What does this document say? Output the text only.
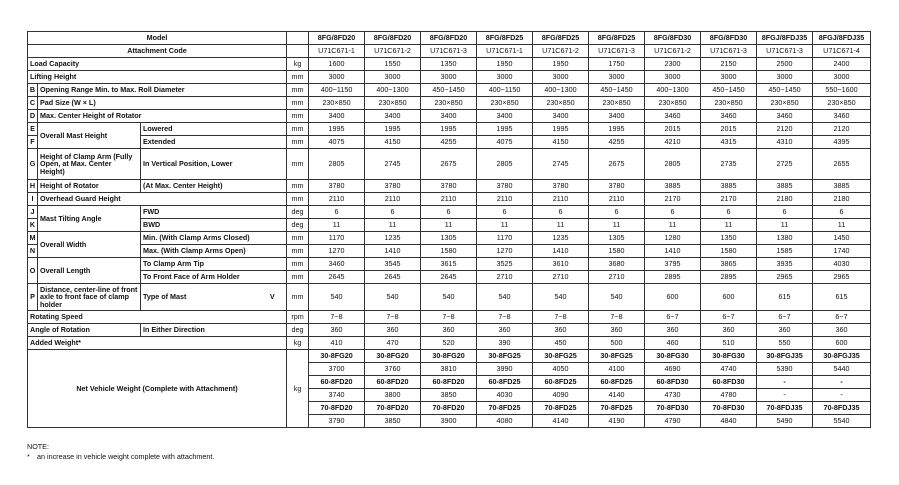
Model					8FG/8FD20	8FG/8FD20	8FG/8FD20	8FG/8FD25	8FG/8FD25	8FG/8FD25	8FG/8FD30	8FG/8FD30	8FGJ/8FDJ35	8FGJ/8FDJ35
Attachment Code					U71C671-1	U71C671-2	U71C671-3	U71C671-1	U71C671-2	U71C671-3	U71C671-2	U71C671-3	U71C671-3	U71C671-4
Load Capacity				kg	1600	1550	1350	1950	1950	1750	2300	2150	2500	2400
Lifting Height				mm	3000	3000	3000	3000	3000	3000	3000	3000	3000	3000
B	Opening Range Min. to Max. Roll Diameter			mm	400~1150	400~1300	450~1450	400~1150	400~1300	450~1450	400~1300	450~1450	450~1450	550~1600
C	Pad Size (W × L)			mm	230×850	230×850	230×850	230×850	230×850	230×850	230×850	230×850	230×850	230×850
D	Max. Center Height of Rotator			mm	3400	3400	3400	3400	3400	3400	3460	3460	3460	3460
E	Overall Mast Height	Lowered		mm	1995	1995	1995	1995	1995	1995	2015	2015	2120	2120
F		Extended		mm	4075	4150	4255	4075	4150	4255	4210	4315	4310	4395
G	Height of Clamp Arm (Fully Open, at Max. Center Height)	In Vertical Position, Lower		mm	2805	2745	2675	2805	2745	2675	2805	2735	2725	2655
H	Height of Rotator	(At Max. Center Height)		mm	3780	3780	3780	3780	3780	3780	3885	3885	3885	3885
I	Overhead Guard Height			mm	2110	2110	2110	2110	2110	2110	2170	2170	2180	2180
J	Mast Tilting Angle	FWD		deg	6	6	6	6	6	6	6	6	6	6
K		BWD		deg	11	11	11	11	11	11	11	11	11	11
M	Overall Width	Min. (With Clamp Arms Closed)		mm	1170	1235	1305	1170	1235	1305	1280	1350	1380	1450
N		Max. (With Clamp Arms Open)		mm	1270	1410	1580	1270	1410	1580	1410	1580	1585	1740
O	Overall Length	To Clamp Arm Tip		mm	3460	3545	3615	3525	3610	3680	3795	3865	3935	4030
		To Front Face of Arm Holder		mm	2645	2645	2645	2710	2710	2710	2895	2895	2965	2965
P	Distance, center-line of front axle to front face of clamp holder	Type of Mast	V	mm	540	540	540	540	540	540	600	600	615	615
Rotating Speed				rpm	7~8	7~8	7~8	7~8	7~8	7~8	6~7	6~7	6~7	6~7
Angle of Rotation		In Either Direction		deg	360	360	360	360	360	360	360	360	360	360
Added Weight*				kg	410	470	520	390	450	500	460	510	550	600
Net Vehicle Weight (Complete with Attachment)				kg	30-8FG20	30-8FG20	30-8FG20	30-8FG25	30-8FG25	30-8FG25	30-8FG30	30-8FG30	30-8FGJ35	30-8FGJ35
					3700	3760	3810	3990	4050	4100	4690	4740	5390	5440
					60-8FD20	60-8FD20	60-8FD20	60-8FD25	60-8FD25	60-8FD25	60-8FD30	60-8FD30	-	-
					3740	3800	3850	4030	4090	4140	4730	4780	-	-
					70-8FD20	70-8FD20	70-8FD20	70-8FD25	70-8FD25	70-8FD25	70-8FD30	70-8FD30	70-8FDJ35	70-8FDJ35
					3790	3850	3900	4080	4140	4190	4790	4840	5490	5540
NOTE:
* an increase in vehicle weight complete with attachment.
